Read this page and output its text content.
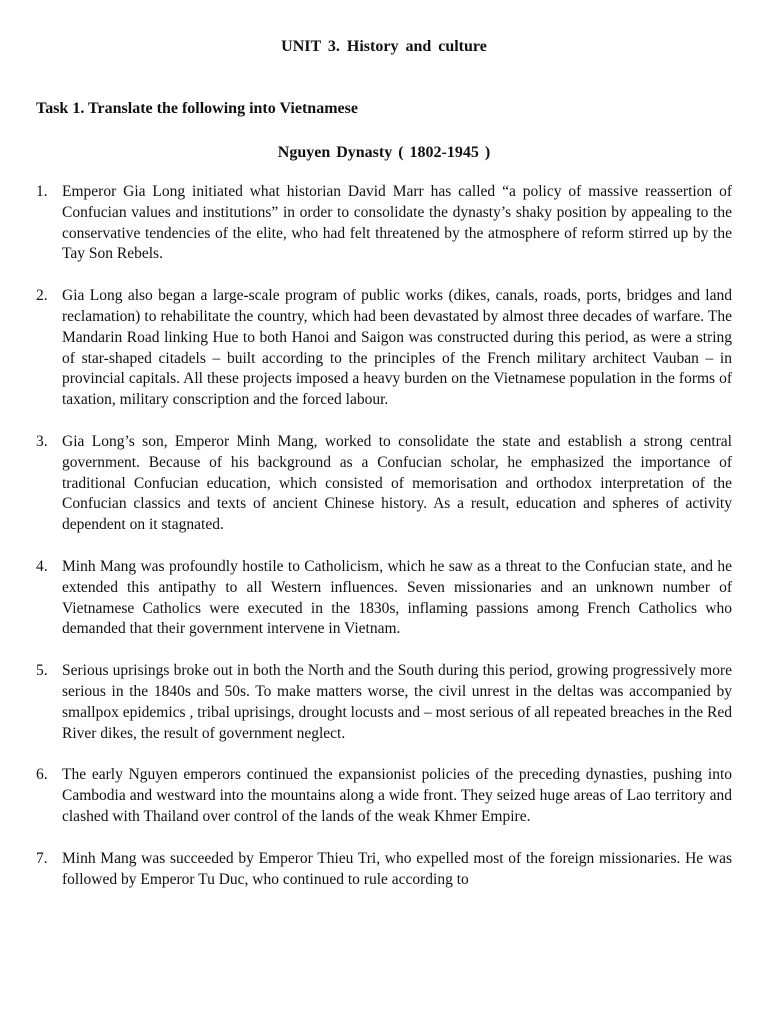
UNIT 3. History and culture
Task 1. Translate the following into Vietnamese
Nguyen Dynasty ( 1802-1945 )
1. Emperor Gia Long initiated what historian David Marr has called “a policy of massive reassertion of Confucian values and institutions” in order to consolidate the dynasty’s shaky position by appealing to the conservative tendencies of the elite, who had felt threatened by the atmosphere of reform stirred up by the Tay Son Rebels.
2. Gia Long also began a large-scale program of public works (dikes, canals, roads, ports, bridges and land reclamation) to rehabilitate the country, which had been devastated by almost three decades of warfare. The Mandarin Road linking Hue to both Hanoi and Saigon was constructed during this period, as were a string of star-shaped citadels – built according to the principles of the French military architect Vauban – in provincial capitals. All these projects imposed a heavy burden on the Vietnamese population in the forms of taxation, military conscription and the forced labour.
3. Gia Long’s son, Emperor Minh Mang, worked to consolidate the state and establish a strong central government. Because of his background as a Confucian scholar, he emphasized the importance of traditional Confucian education, which consisted of memorisation and orthodox interpretation of the Confucian classics and texts of ancient Chinese history. As a result, education and spheres of activity dependent on it stagnated.
4. Minh Mang was profoundly hostile to Catholicism, which he saw as a threat to the Confucian state, and he extended this antipathy to all Western influences. Seven missionaries and an unknown number of Vietnamese Catholics were executed in the 1830s, inflaming passions among French Catholics who demanded that their government intervene in Vietnam.
5. Serious uprisings broke out in both the North and the South during this period, growing progressively more serious in the 1840s and 50s. To make matters worse, the civil unrest in the deltas was accompanied by smallpox epidemics , tribal uprisings, drought locusts and – most serious of all repeated breaches in the Red River dikes, the result of government neglect.
6. The early Nguyen emperors continued the expansionist policies of the preceding dynasties, pushing into Cambodia and westward into the mountains along a wide front. They seized huge areas of Lao territory and clashed with Thailand over control of the lands of the weak Khmer Empire.
7. Minh Mang was succeeded by Emperor Thieu Tri, who expelled most of the foreign missionaries. He was followed by Emperor Tu Duc, who continued to rule according to
